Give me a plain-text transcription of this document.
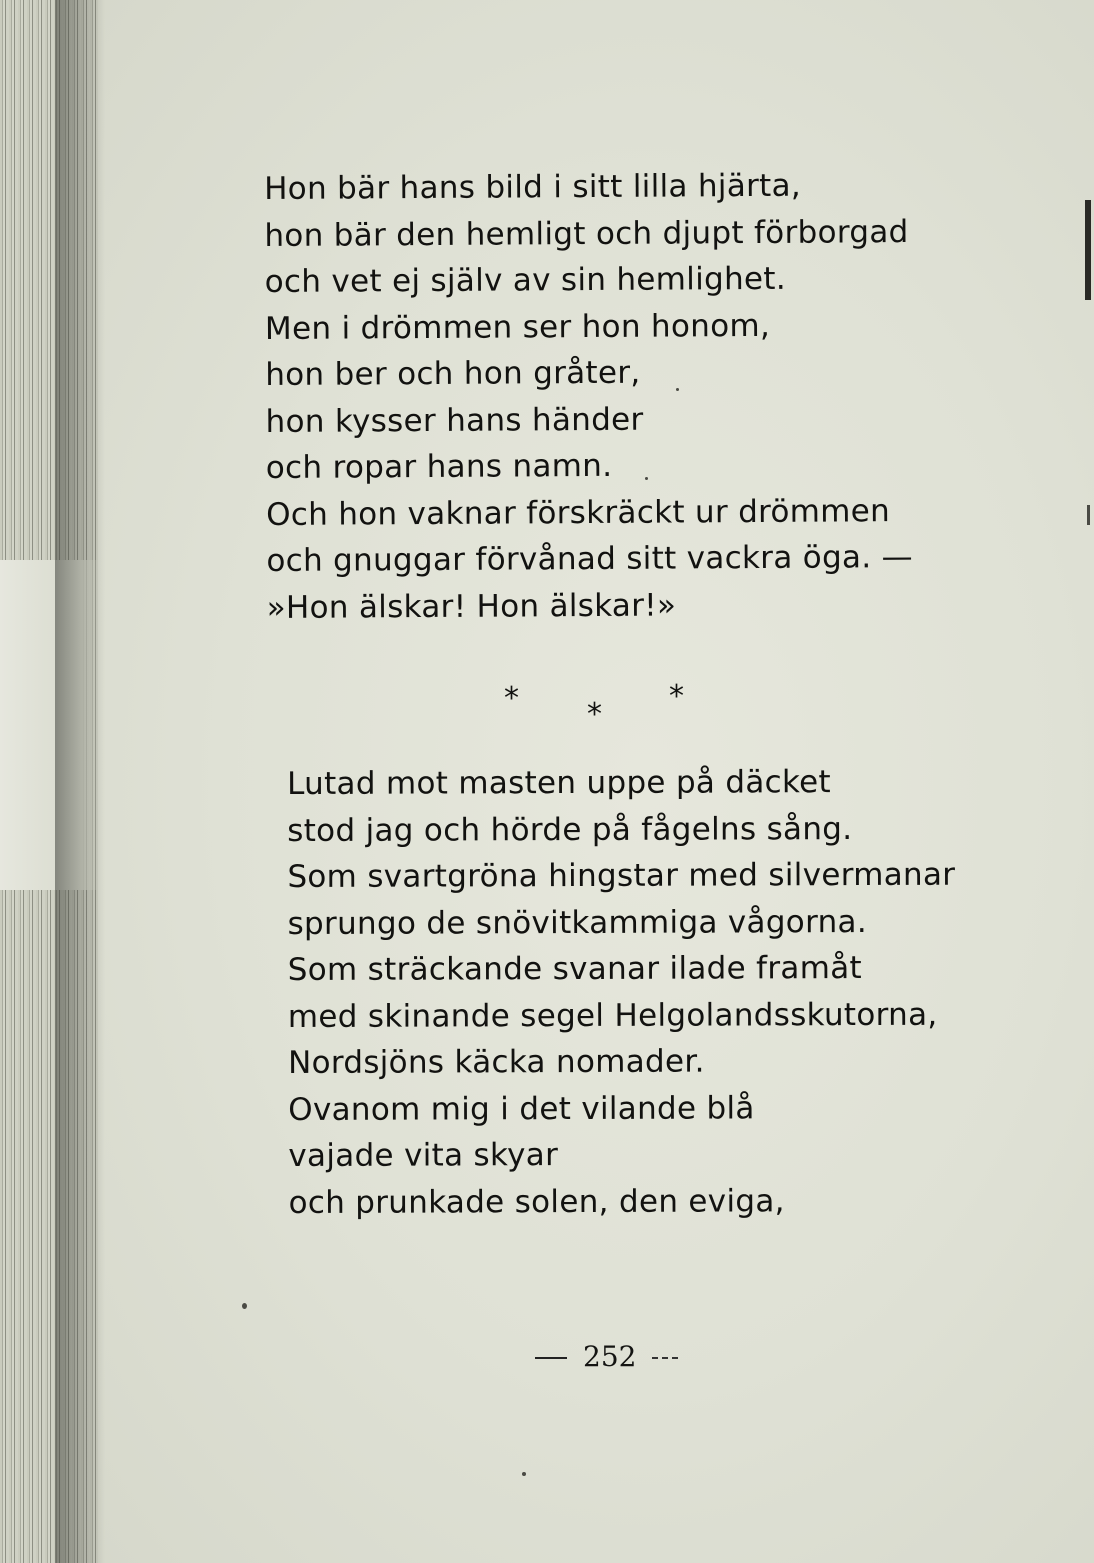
Hon bär hans bild i sitt lilla hjärta,
hon bär den hemligt och djupt förborgad
och vet ej själv av sin hemlighet.
Men i drömmen ser hon honom,
hon ber och hon gråter,
hon kysser hans händer
och ropar hans namn.
Och hon vaknar förskräckt ur drömmen
och gnuggar förvånad sitt vackra öga. —
»Hon älskar! Hon älskar!»
* *
*
Lutad mot masten uppe på däcket
stod jag och hörde på fågelns sång.
Som svartgröna hingstar med silvermanar
sprungo de snövitkammiga vågorna.
Som sträckande svanar ilade framåt
med skinande segel Helgolandsskutorna,
Nordsjöns käcka nomader.
Ovanom mig i det vilande blå
vajade vita skyar
och prunkade solen, den eviga,
252
